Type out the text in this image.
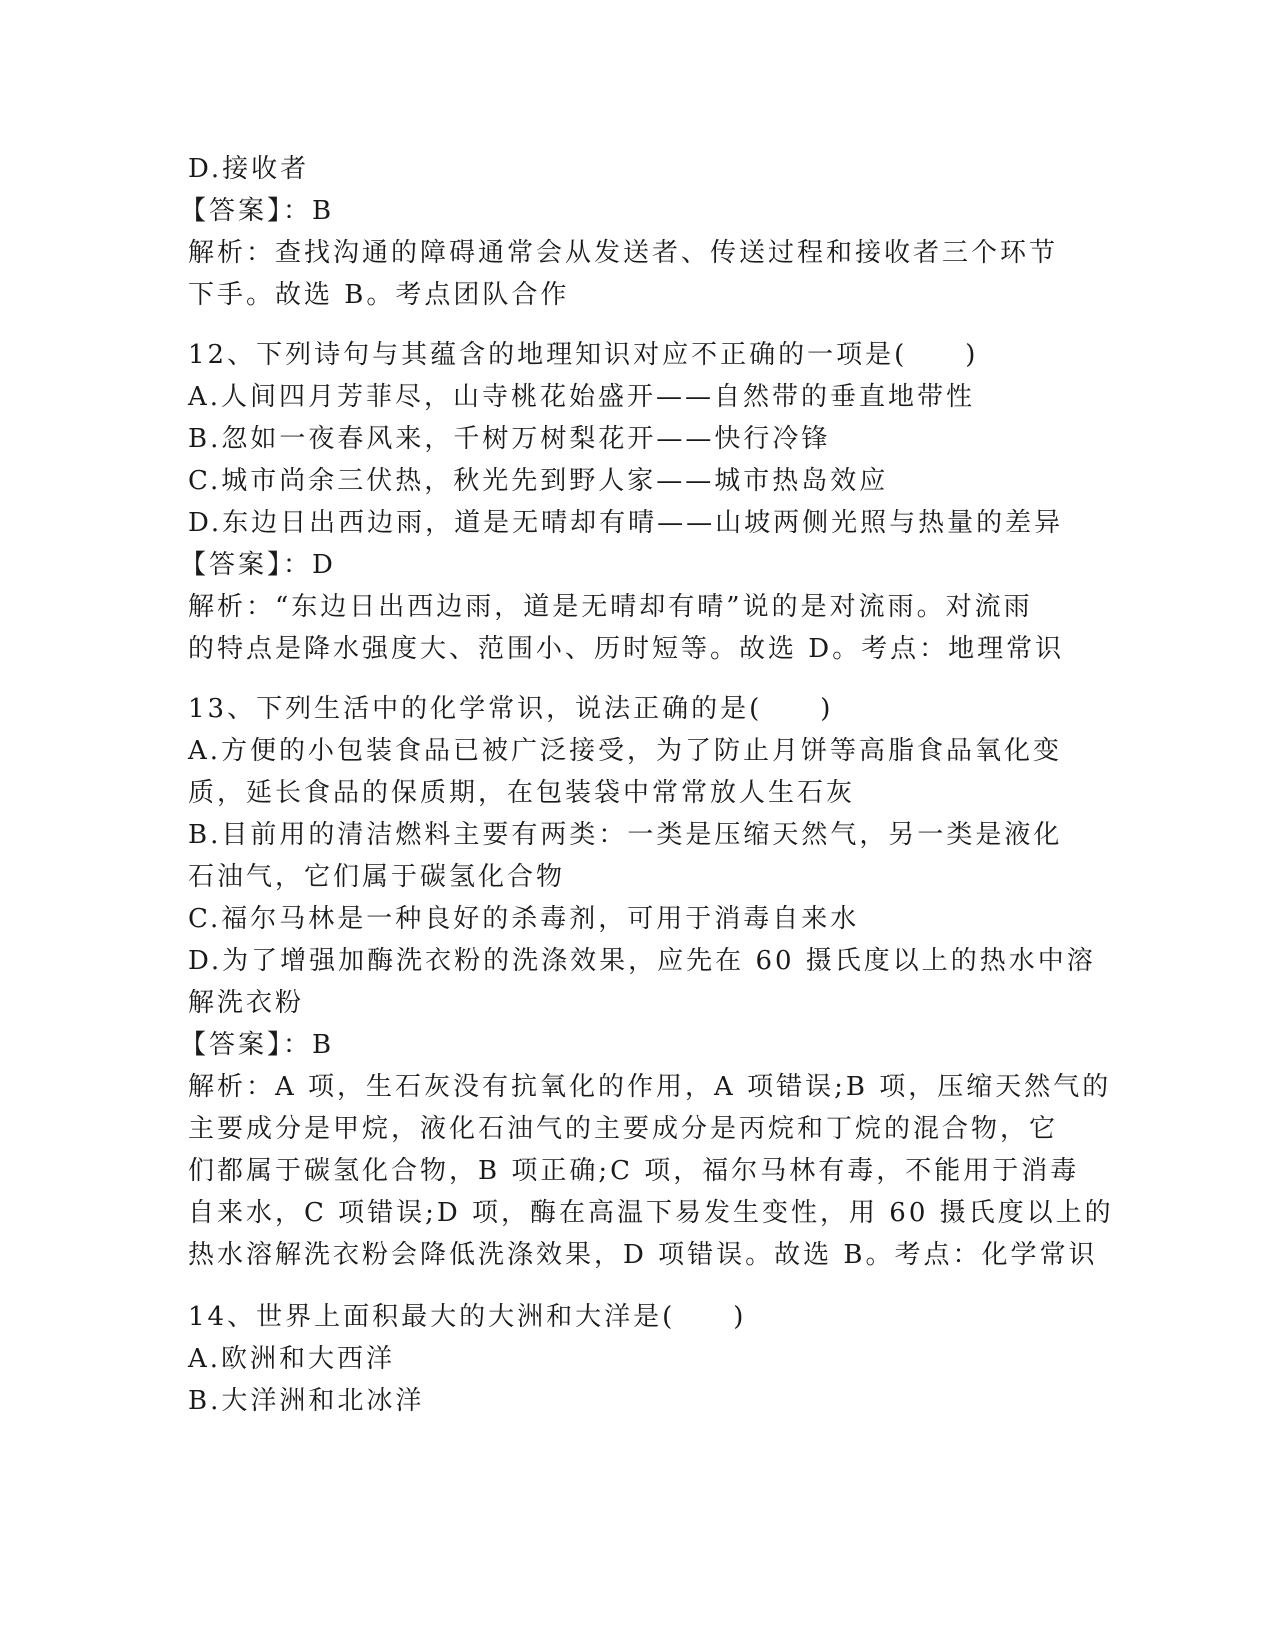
D.接收者
【答案】：B
解析：查找沟通的障碍通常会从发送者、传送过程和接收者三个环节
下手。故选 B。考点团队合作
12、下列诗句与其蕴含的地理知识对应不正确的一项是(　　)
A.人间四月芳菲尽，山寺桃花始盛开——自然带的垂直地带性
B.忽如一夜春风来，千树万树梨花开——快行冷锋
C.城市尚余三伏热，秋光先到野人家——城市热岛效应
D.东边日出西边雨，道是无晴却有晴——山坡两侧光照与热量的差异
【答案】：D
解析：“东边日出西边雨，道是无晴却有晴”说的是对流雨。对流雨
的特点是降水强度大、范围小、历时短等。故选 D。考点：地理常识
13、下列生活中的化学常识，说法正确的是(　　)
A.方便的小包装食品已被广泛接受，为了防止月饼等高脂食品氧化变
质，延长食品的保质期，在包装袋中常常放人生石灰
B.目前用的清洁燃料主要有两类：一类是压缩天然气，另一类是液化
石油气，它们属于碳氢化合物
C.福尔马林是一种良好的杀毒剂，可用于消毒自来水
D.为了增强加酶洗衣粉的洗涤效果，应先在 60 摄氏度以上的热水中溶
解洗衣粉
【答案】：B
解析：A 项，生石灰没有抗氧化的作用，A 项错误;B 项，压缩天然气的
主要成分是甲烷，液化石油气的主要成分是丙烷和丁烷的混合物，它
们都属于碳氢化合物，B 项正确;C 项，福尔马林有毒，不能用于消毒
自来水，C 项错误;D 项，酶在高温下易发生变性，用 60 摄氏度以上的
热水溶解洗衣粉会降低洗涤效果，D 项错误。故选 B。考点：化学常识
14、世界上面积最大的大洲和大洋是(　　)
A.欧洲和大西洋
B.大洋洲和北冰洋
